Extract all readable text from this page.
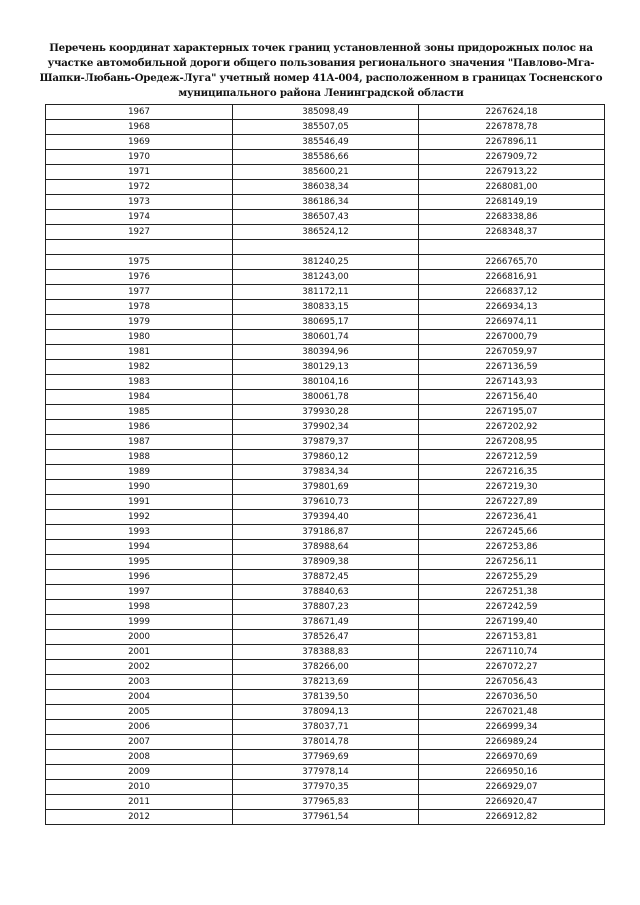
Перечень координат характерных точек границ установленной зоны придорожных полос на участке автомобильной дороги общего пользования регионального значения "Павлово-Мга-Шапки-Любань-Оредеж-Луга" учетный номер 41А-004, расположенном в границах Тосненского муниципального района Ленинградской области
1967	385098,49	2267624,18
1968	385507,05	2267878,78
1969	385546,49	2267896,11
1970	385586,66	2267909,72
1971	385600,21	2267913,22
1972	386038,34	2268081,00
1973	386186,34	2268149,19
1974	386507,43	2268338,86
1927	386524,12	2268348,37

1975	381240,25	2266765,70
1976	381243,00	2266816,91
1977	381172,11	2266837,12
1978	380833,15	2266934,13
1979	380695,17	2266974,11
1980	380601,74	2267000,79
1981	380394,96	2267059,97
1982	380129,13	2267136,59
1983	380104,16	2267143,93
1984	380061,78	2267156,40
1985	379930,28	2267195,07
1986	379902,34	2267202,92
1987	379879,37	2267208,95
1988	379860,12	2267212,59
1989	379834,34	2267216,35
1990	379801,69	2267219,30
1991	379610,73	2267227,89
1992	379394,40	2267236,41
1993	379186,87	2267245,66
1994	378988,64	2267253,86
1995	378909,38	2267256,11
1996	378872,45	2267255,29
1997	378840,63	2267251,38
1998	378807,23	2267242,59
1999	378671,49	2267199,40
2000	378526,47	2267153,81
2001	378388,83	2267110,74
2002	378266,00	2267072,27
2003	378213,69	2267056,43
2004	378139,50	2267036,50
2005	378094,13	2267021,48
2006	378037,71	2266999,34
2007	378014,78	2266989,24
2008	377969,69	2266970,69
2009	377978,14	2266950,16
2010	377970,35	2266929,07
2011	377965,83	2266920,47
2012	377961,54	2266912,82
